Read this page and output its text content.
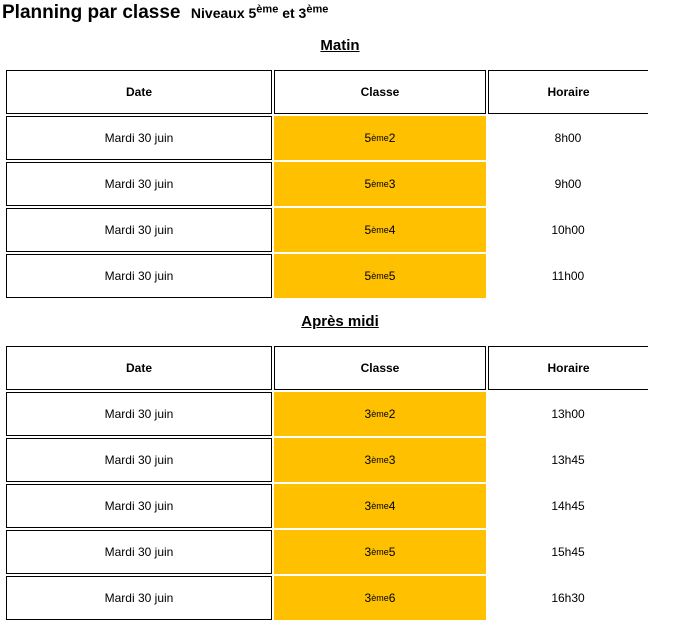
Planning par classe Niveaux 5ème et 3ème
Matin
Date	Classe	Horaire
Mardi 30 juin	5 ème 2	8h00
Mardi 30 juin	5 ème 3	9h00
Mardi 30 juin	5 ème 4	10h00
Mardi 30 juin	5 ème 5	11h00
Après midi
Date	Classe	Horaire
Mardi 30 juin	3 ème 2	13h00
Mardi 30 juin	3 ème 3	13h45
Mardi 30 juin	3 ème 4	14h45
Mardi 30 juin	3 ème 5	15h45
Mardi 30 juin	3 ème 6	16h30
